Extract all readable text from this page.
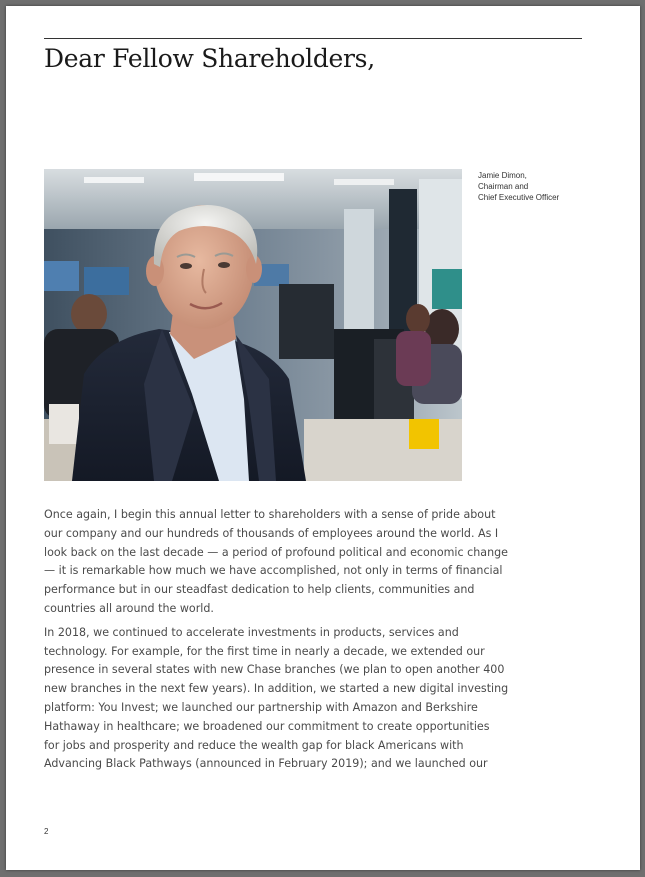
Dear Fellow Shareholders,
Jamie Dimon,
Chairman and
Chief Executive Officer

Once again, I begin this annual letter to shareholders with a sense of pride about
our company and our hundreds of thousands of employees around the world. As I
look back on the last decade — a period of profound political and economic change
— it is remarkable how much we have accomplished, not only in terms of financial
performance but in our steadfast dedication to help clients, communities and
countries all around the world.

In 2018, we continued to accelerate investments in products, services and
technology. For example, for the first time in nearly a decade, we extended our
presence in several states with new Chase branches (we plan to open another 400
new branches in the next few years). In addition, we started a new digital investing
platform: You Invest; we launched our partnership with Amazon and Berkshire
Hathaway in healthcare; we broadened our commitment to create opportunities
for jobs and prosperity and reduce the wealth gap for black Americans with
Advancing Black Pathways (announced in February 2019); and we launched our

2
